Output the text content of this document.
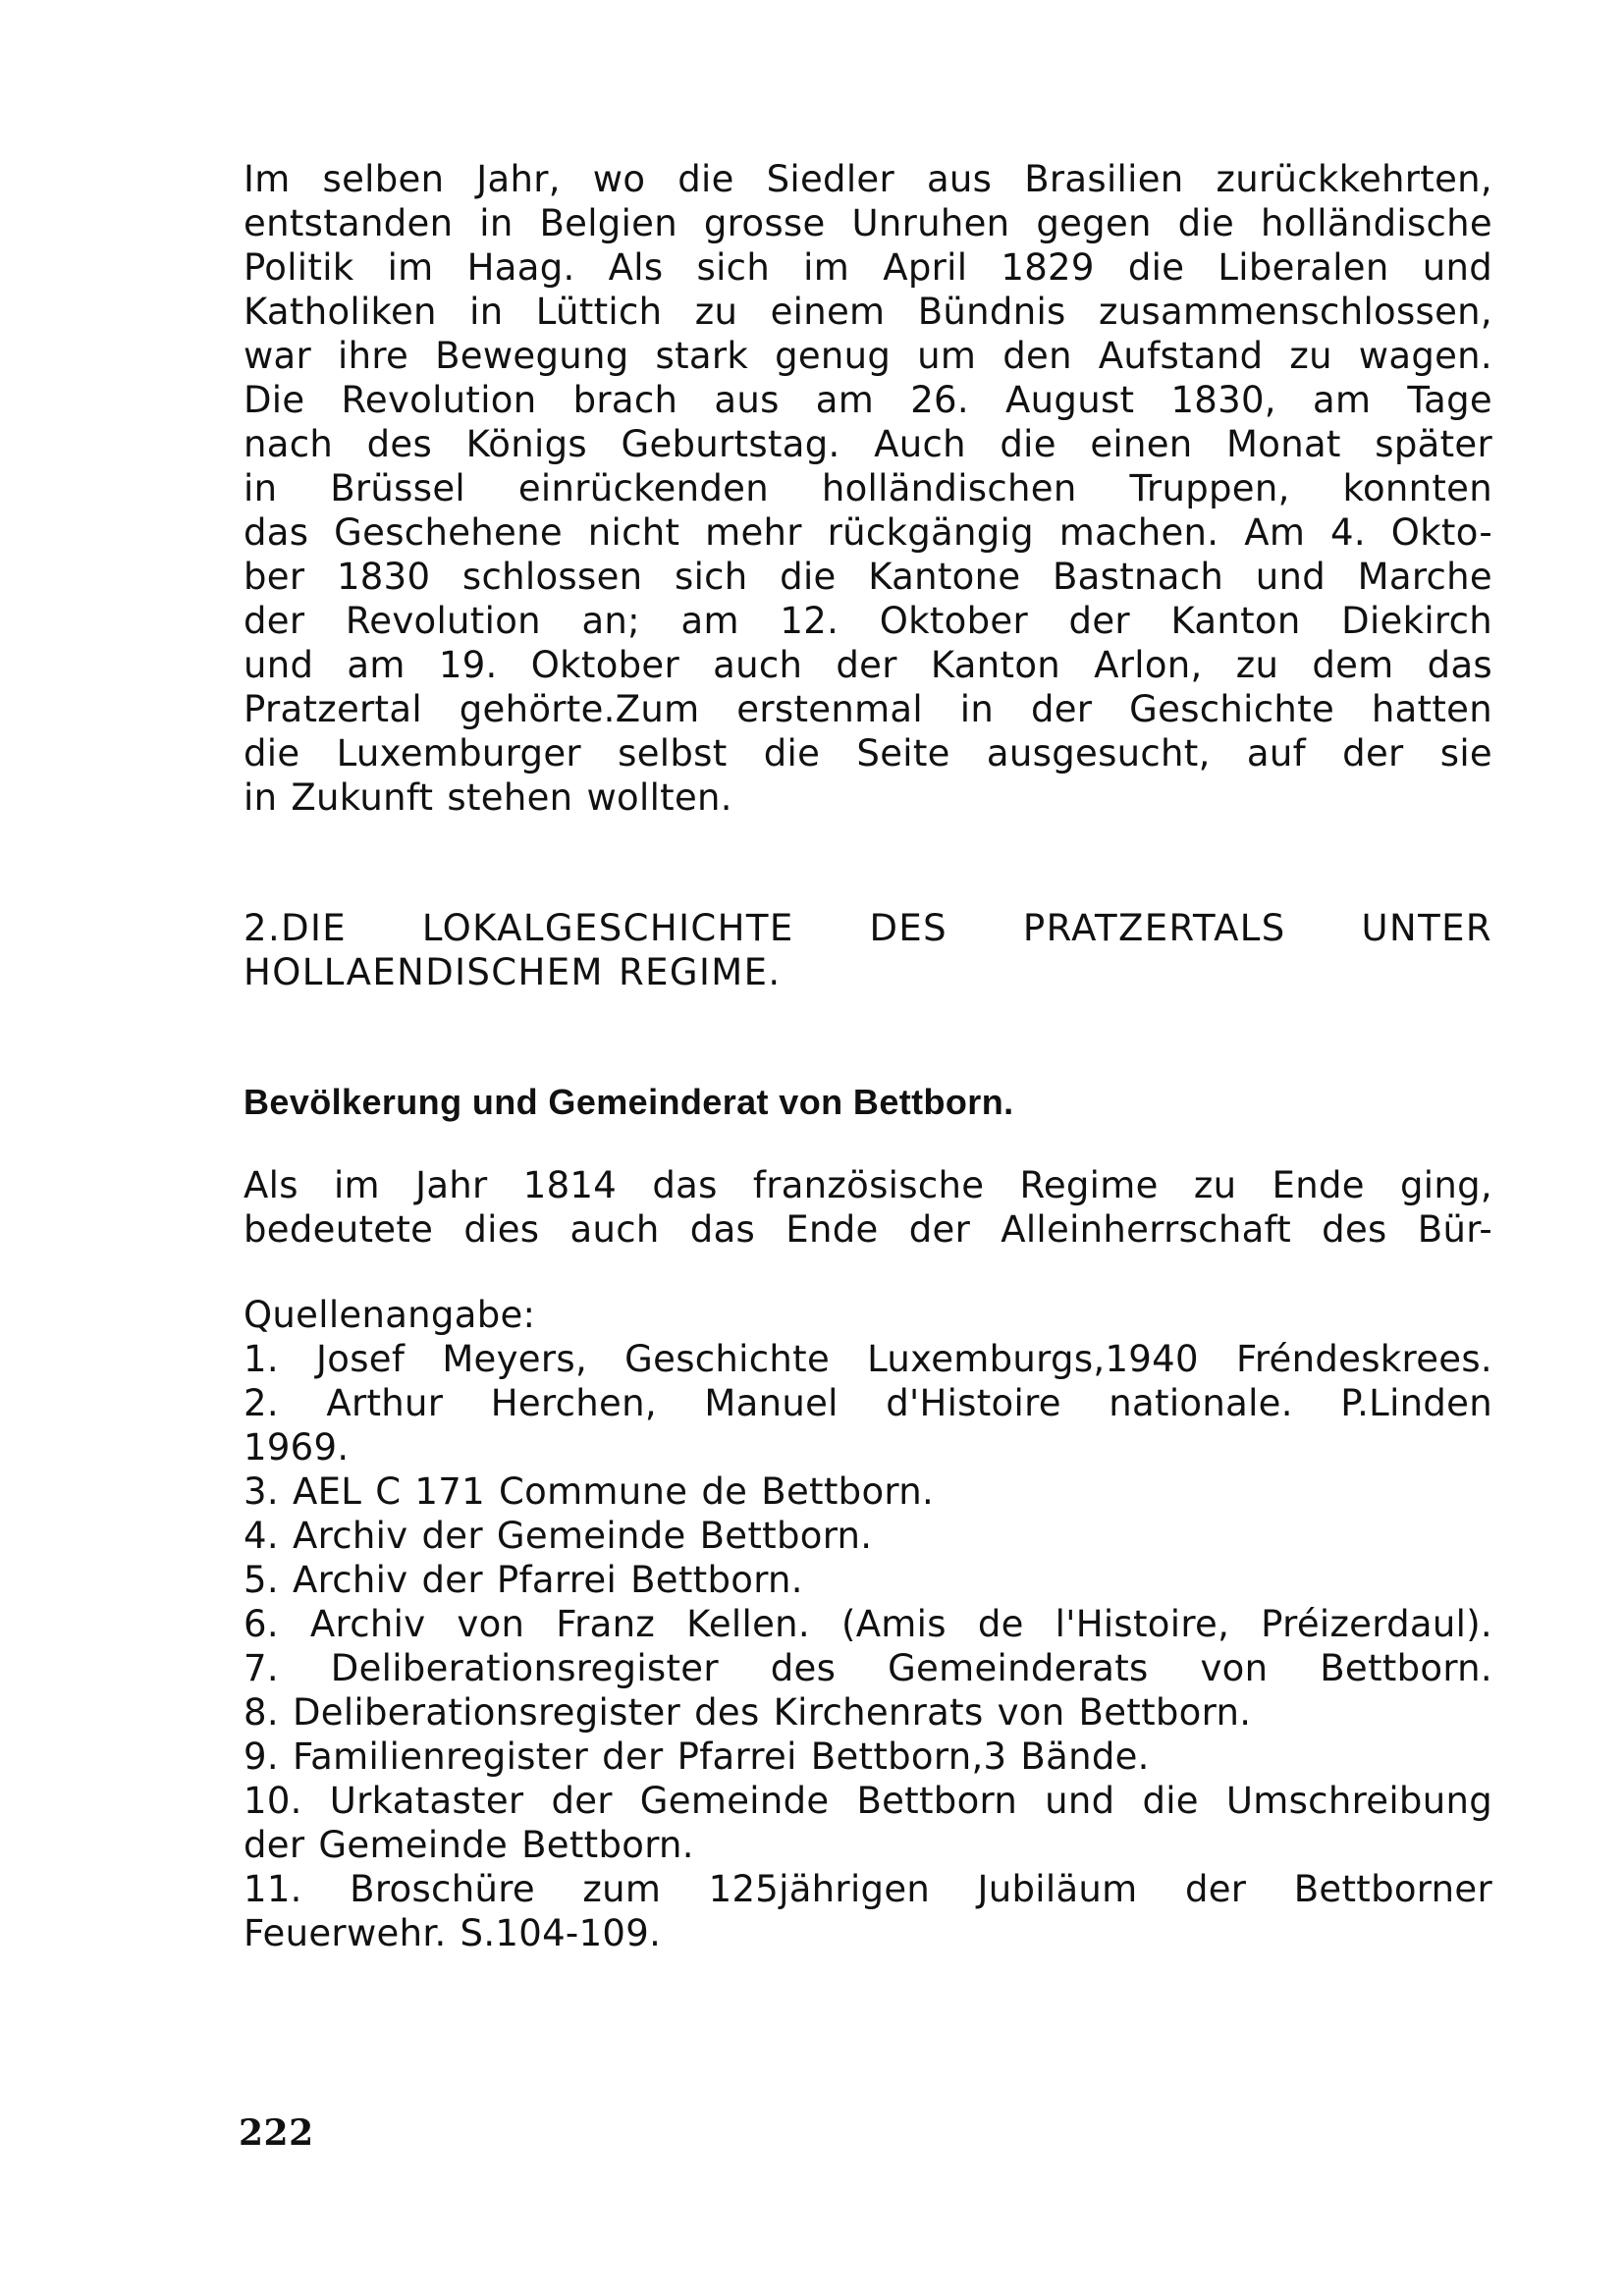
Im selben Jahr, wo die Siedler aus Brasilien zurückkehrten,

entstanden in Belgien grosse Unruhen gegen die holländische

Politik im Haag. Als sich im April 1829 die Liberalen und

Katholiken in Lüttich zu einem Bündnis zusammenschlossen,

war ihre Bewegung stark genug um den Aufstand zu wagen.

Die Revolution brach aus am 26. August 1830, am Tage

nach des Königs Geburtstag. Auch die einen Monat später

in Brüssel einrückenden holländischen Truppen, konnten

das Geschehene nicht mehr rückgängig machen. Am 4. Okto-

ber 1830 schlossen sich die Kantone Bastnach und Marche

der Revolution an; am 12. Oktober der Kanton Diekirch

und am 19. Oktober auch der Kanton Arlon, zu dem das

Pratzertal gehörte.Zum erstenmal in der Geschichte hatten

die Luxemburger selbst die Seite ausgesucht, auf der sie

in Zukunft stehen wollten.

2.DIE LOKALGESCHICHTE DES PRATZERTALS UNTER

HOLLAENDISCHEM REGIME.

Bevölkerung und Gemeinderat von Bettborn.

Als im Jahr 1814 das französische Regime zu Ende ging,

bedeutete dies auch das Ende der Alleinherrschaft des Bür-

Quellenangabe:

1. Josef Meyers, Geschichte Luxemburgs,1940 Fréndeskrees.

2. Arthur Herchen, Manuel d'Histoire nationale. P.Linden

1969.

3. AEL C 171 Commune de Bettborn.

4. Archiv der Gemeinde Bettborn.

5. Archiv der Pfarrei Bettborn.

6. Archiv von Franz Kellen. (Amis de l'Histoire, Préizerdaul).

7. Deliberationsregister des Gemeinderats von Bettborn.

8. Deliberationsregister des Kirchenrats von Bettborn.

9. Familienregister der Pfarrei Bettborn,3 Bände.

10. Urkataster der Gemeinde Bettborn und die Umschreibung

der Gemeinde Bettborn.

11. Broschüre zum 125jährigen Jubiläum der Bettborner

Feuerwehr. S.104-109.

222
